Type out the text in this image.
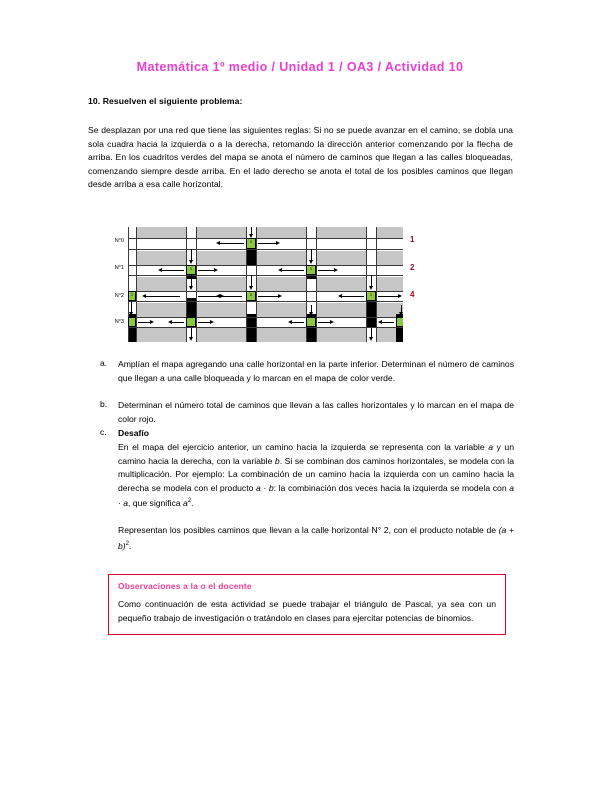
Matemática 1º medio / Unidad 1 / OA3 / Actividad 10
10. Resuelven el siguiente problema:
Se desplazan por una red que tiene las siguientes reglas: Si no se puede avanzar en el camino, se dobla una sola cuadra hacia la izquierda o a la derecha, retomando la dirección anterior comenzando por la flecha de arriba. En los cuadritos verdes del mapa se anota el número de caminos que llegan a las calles bloqueadas, comenzando siempre desde arriba. En el lado derecho se anota el total de los posibles caminos que llegan desde arriba a esa calle horizontal.
N°0
N°1
N°2
N°3
1
2
4
1
1	1
1	2	1
a. Amplían el mapa agregando una calle horizontal en la parte inferior. Determinan el número de caminos que llegan a una calle bloqueada y lo marcan en el mapa de color verde.
b. Determinan el número total de caminos que llevan a las calles horizontales y lo marcan en el mapa de color rojo.
c. Desafío
En el mapa del ejercicio anterior, un camino hacia la izquierda se representa con la variable a y un camino hacia la derecha, con la variable b. Si se combinan dos caminos horizontales, se modela con la multiplicación. Por ejemplo: La combinación de un camino hacia la izquierda con un camino hacia la derecha se modela con el producto a · b: la combinación dos veces hacia la izquierda se modela con a · a, que significa $a^2$.
Representan los posibles caminos que llevan a la calle horizontal N° 2, con el producto notable de $(a + b)^2$.
Observaciones a la o el docente
Como continuación de esta actividad se puede trabajar el triángulo de Pascal, ya sea con un pequeño trabajo de investigación o tratándolo en clases para ejercitar potencias de binomios.
